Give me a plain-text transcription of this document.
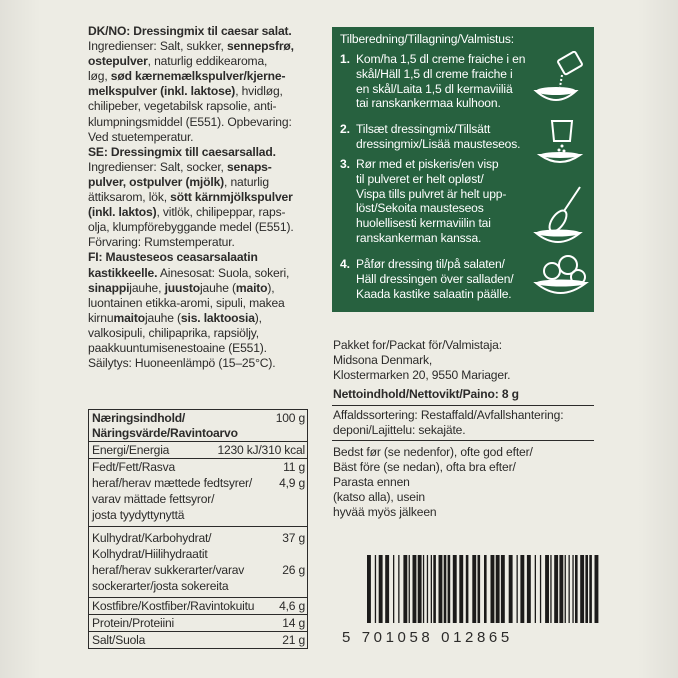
DK/NO: Dressingmix til caesar salat.

Ingredienser: Salt, sukker, sennepsfrø,

ostepulver, naturlig eddikearoma,

løg, sød kærnemælkspulver/kjerne-

melkspulver (inkl. laktose), hvidløg,

chilipeber, vegetabilsk rapsolie, anti-

klumpningsmiddel (E551). Opbevaring:

Ved stuetemperatur.

SE: Dressingmix till caesarsallad.

Ingredienser: Salt, socker, senaps-

pulver, ostpulver (mjölk), naturlig

ättiksarom, lök, sött kärnmjölkspulver

(inkl. laktos), vitlök, chilipeppar, raps-

olja, klumpförebyggande medel (E551).

Förvaring: Rumstemperatur.

FI: Mausteseos ceasarsalaatin

kastikkeelle. Ainesosat: Suola, sokeri,

sinappijauhe, juustojauhe (maito),

luontainen etikka-aromi, sipuli, makea

kirnumaitojauhe (sis. laktoosia),

valkosipuli, chilipaprika, rapsiöljy,

paakkuuntumisenestoaine (E551).

Säilytys: Huoneenlämpö (15–25°C).

Næringsindhold/
Näringsvärde/Ravintoarvo
100 g
Energi/Energia	1230 kJ/310 kcal
Fedt/Fett/Rasva	11 g
heraf/herav mættede fedtsyrer/	4,9 g
varav mättade fettsyror/
josta tyydyttynyttä
Kulhydrat/Karbohydrat/	37 g
Kolhydrat/Hiilihydraatit
heraf/herav sukkerarter/varav	26 g
sockerarter/josta sokereita
Kostfibre/Kostfiber/Ravintokuitu	4,6 g
Protein/Proteiini	14 g
Salt/Suola	21 g
Tilberedning/Tillagning/Valmistus:
1. Kom/ha 1,5 dl creme fraiche i en
skål/Häll 1,5 dl creme fraiche i
en skål/Laita 1,5 dl kermaviiliä
tai ranskankermaa kulhoon.
2. Tilsæt dressingmix/Tillsätt
dressingmix/Lisää mausteseos.
3. Rør med et piskeris/en visp
til pulveret er helt opløst/
Vispa tills pulvret är helt upp-
löst/Sekoita mausteseos
huolellisesti kermaviilin tai
ranskankerman kanssa.
4. Påfør dressing til/på salaten/
Häll dressingen över salladen/
Kaada kastike salaatin päälle.

Pakket for/Packat för/Valmistaja:

Midsona Denmark,

Klostermarken 20, 9550 Mariager.

Nettoindhold/Nettovikt/Paino: 8 g

Affaldssortering: Restaffald/Avfallshantering:

deponi/Lajittelu: sekajäte.

Bedst før (se nedenfor), ofte god efter/

Bäst före (se nedan), ofta bra efter/

Parasta ennen

(katso alla), usein

hyvää myös jälkeen

5 701058 012865
